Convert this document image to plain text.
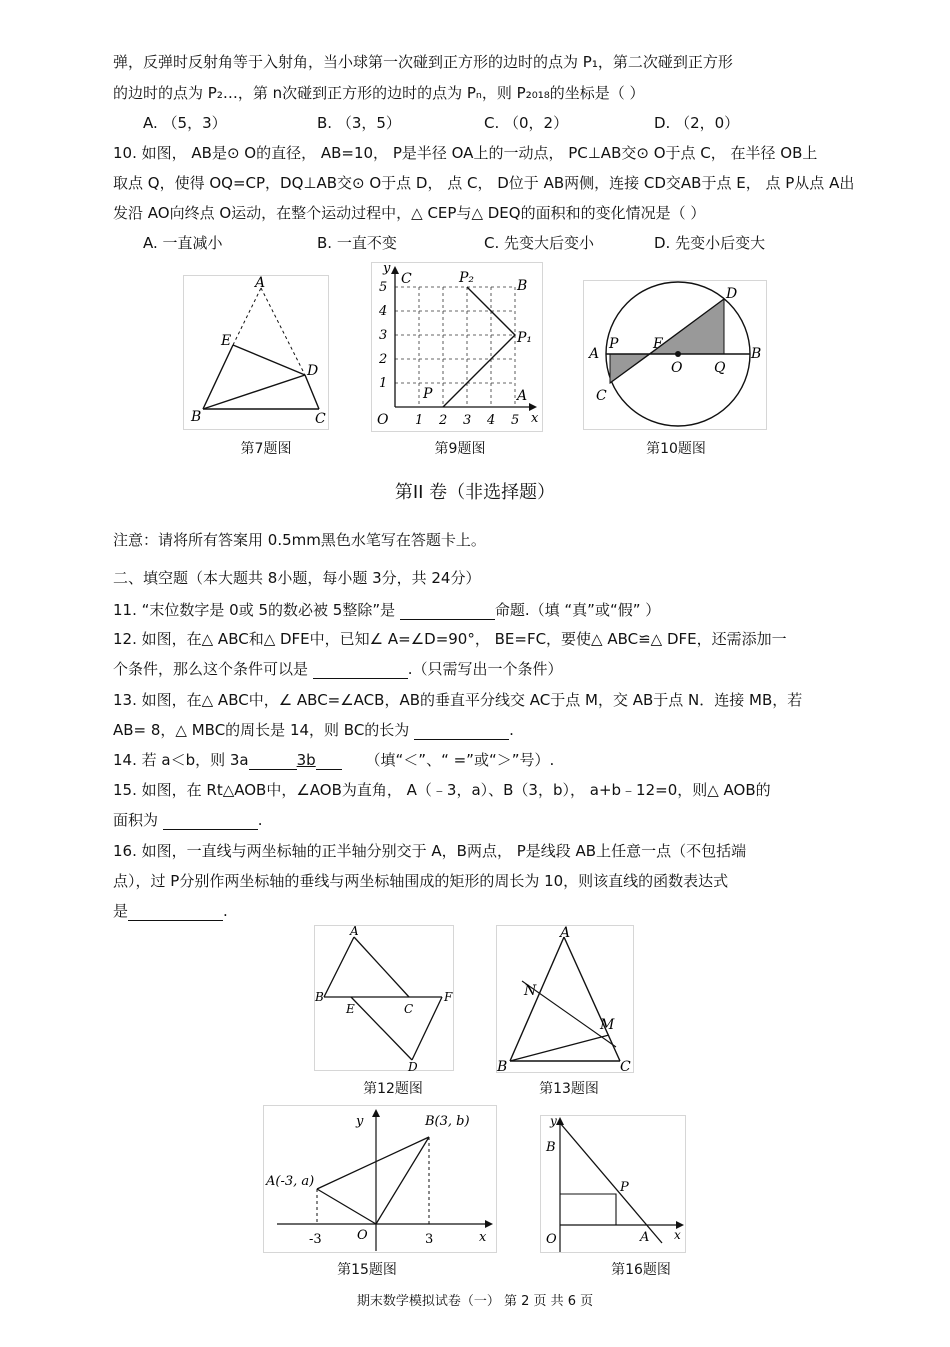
弹，反弹时反射角等于入射角，当小球第一次碰到正方形的边时的点为 P₁，第二次碰到正方形
的边时的点为 P₂…，第 n次碰到正方形的边时的点为 Pₙ，则 P₂₀₁₈的坐标是（ ）
A. （5，3）	B. （3，5）	C. （0，2）	D. （2，0）
10. 如图， AB是⊙ O的直径， AB=10， P是半径 OA上的一动点， PC⊥AB交⊙ O于点 C， 在半径 OB上
取点 Q，使得 OQ=CP，DQ⊥AB交⊙ O于点 D， 点 C， D位于 AB两侧，连接 CD交AB于点 E， 点 P从点 A出
发沿 AO向终点 O运动，在整个运动过程中，△ CEP与△ DEQ的面积和的变化情况是（ ）
A. 一直减小	B. 一直不变	C. 先变大后变小	D. 先变小后变大
A
E
D
B	C
y
C	P₂	B
P₁
P	A
O	x
1 2 3 4 5
1
2
3
4
5
A
P F
O Q
B
C
D
第7题图	第9题图	第10题图
第II 卷（非选择题）
注意：请将所有答案用 0.5mm黑色水笔写在答题卡上。
二、填空题（本大题共 8小题，每小题 3分，共 24分）
11. “末位数字是 0或 5的数必被 5整除”是	命题.（填 “真”或“假” ）
12. 如图，在△ ABC和△ DFE中，已知∠ A=∠D=90°， BE=FC，要使△ ABC≌△ DFE，还需添加一
个条件，那么这个条件可以是	.（只需写出一个条件）
13. 如图，在△ ABC中，∠ ABC=∠ACB，AB的垂直平分线交 AC于点 M，交 AB于点 N．连接 MB，若
AB= 8，△ MBC的周长是 14，则 BC的长为	.
14. 若 a＜b，则 3a	3b	（填“＜”、“ =”或“＞”号）.
15. 如图，在 Rt△AOB中，∠AOB为直角， A（﹣3，a）、B（3，b）， a+b﹣12=0，则△ AOB的
面积为	.
16. 如图，一直线与两坐标轴的正半轴分别交于 A，B两点， P是线段 AB上任意一点（不包括端
点），过 P分别作两坐标轴的垂线与两坐标轴围成的矩形的周长为 10，则该直线的函数表达式
是	.
A
B
E	C
F
D
A
N
M
B	C
第12题图	第13题图
y	B(3, b)
A(-3, a)
O
-3	3	x
y
B
P
O	A x
第15题图	第16题图
期末数学模拟试卷（一） 第 2 页 共 6 页
